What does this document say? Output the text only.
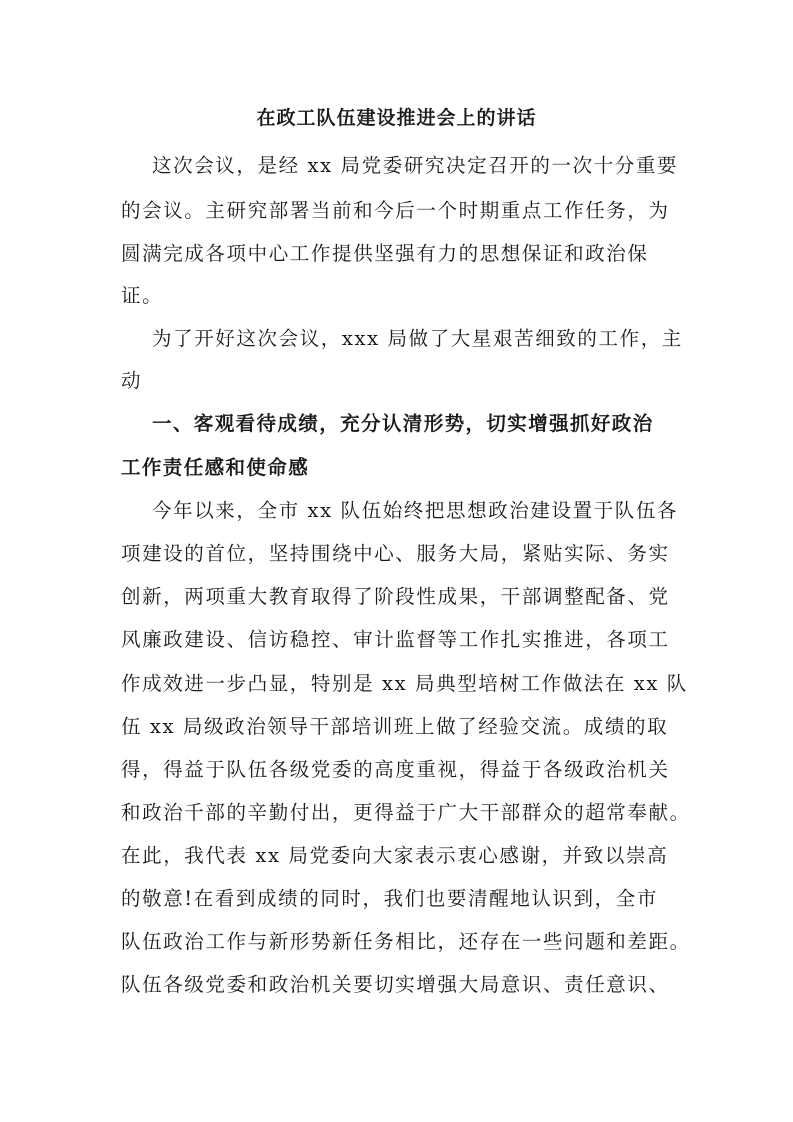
在政工队伍建设推进会上的讲话
这次会议，是经 xx 局党委研究决定召开的一次十分重要
的会议。主研究部署当前和今后一个时期重点工作任务，为
圆满完成各项中心工作提供坚强有力的思想保证和政治保
证。
为了开好这次会议，xxx 局做了大星艰苦细致的工作，主
动
一、客观看待成绩，充分认清形势，切实增强抓好政治
工作责任感和使命感
今年以来，全市 xx 队伍始终把思想政治建设置于队伍各
项建设的首位，坚持围绕中心、服务大局，紧贴实际、务实
创新，两项重大教育取得了阶段性成果，干部调整配备、党
风廉政建设、信访稳控、审计监督等工作扎实推进，各项工
作成效进一步凸显，特别是 xx 局典型培树工作做法在 xx 队
伍 xx 局级政治领导干部培训班上做了经验交流。成绩的取
得，得益于队伍各级党委的高度重视，得益于各级政治机关
和政治千部的辛勤付出，更得益于广大干部群众的超常奉献。
在此，我代表 xx 局党委向大家表示衷心感谢，并致以崇高
的敬意!在看到成绩的同时，我们也要清醒地认识到，全市
队伍政治工作与新形势新任务相比，还存在一些问题和差距。
队伍各级党委和政治机关要切实增强大局意识、责任意识、
